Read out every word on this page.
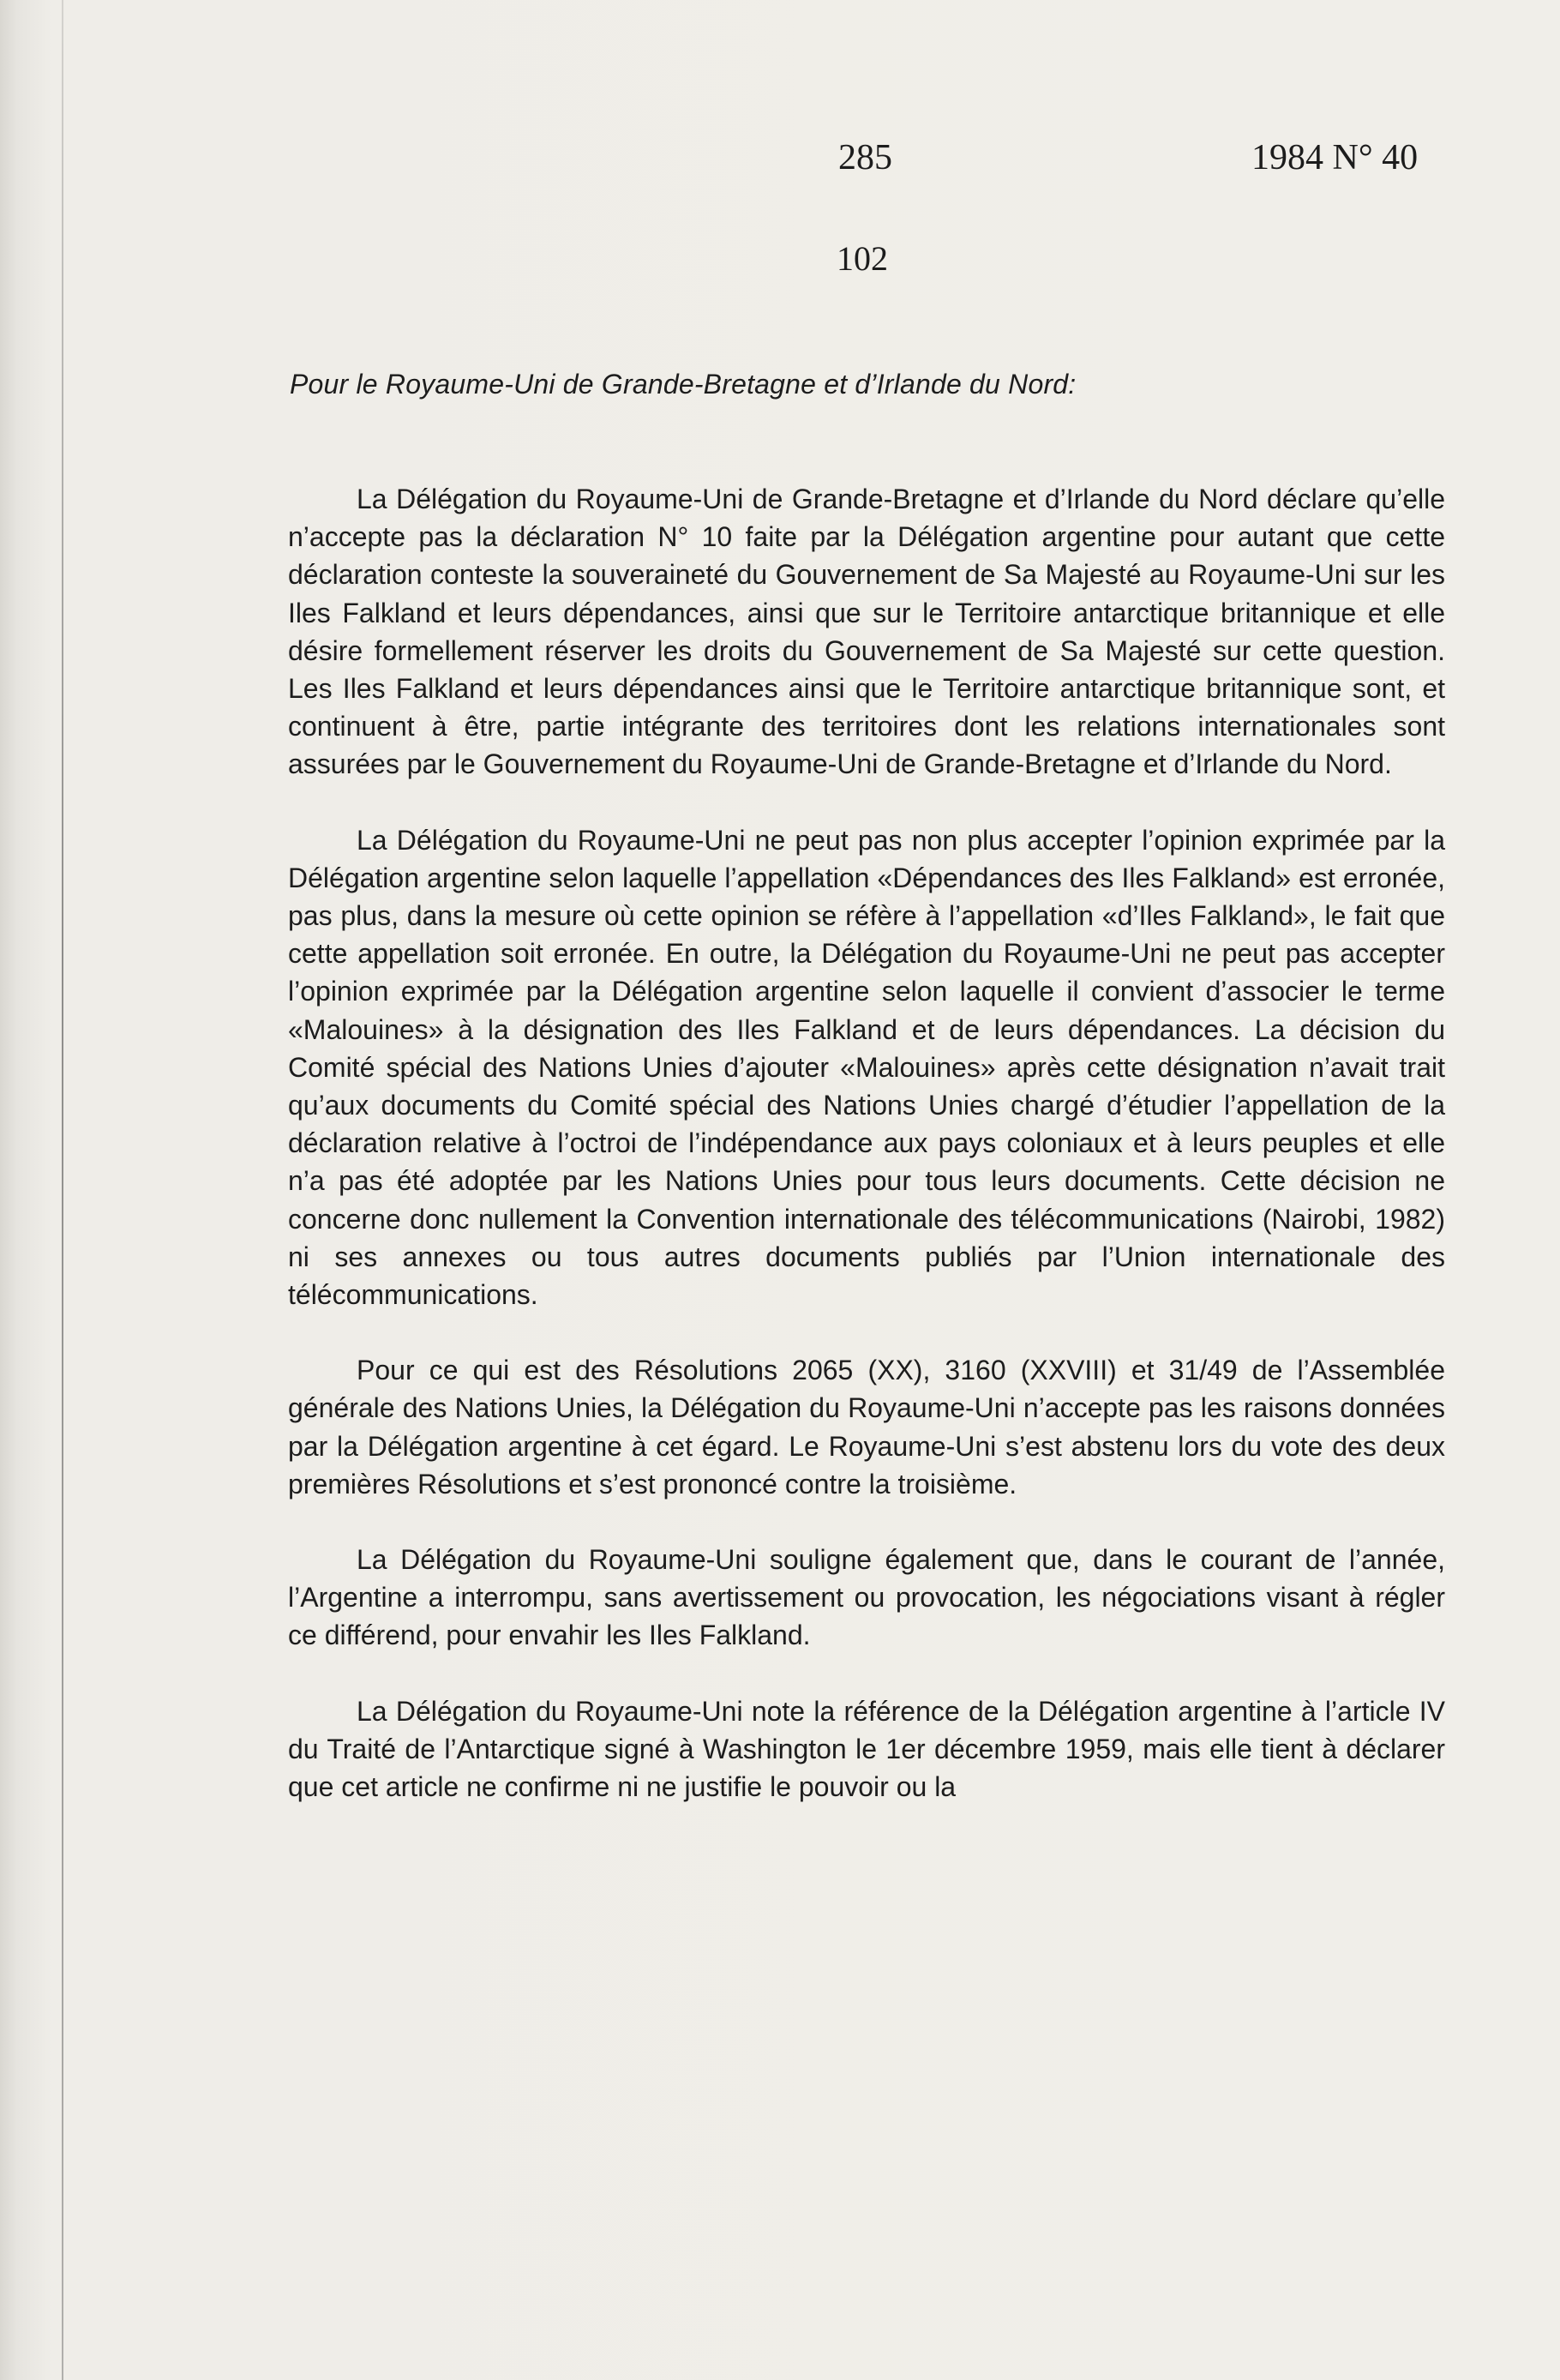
285	1984 N° 40
102
Pour le Royaume-Uni de Grande-Bretagne et d’Irlande du Nord:

La Délégation du Royaume-Uni de Grande-Bretagne et d’Irlande du Nord déclare qu’elle n’accepte pas la déclaration N° 10 faite par la Délégation argentine pour autant que cette déclaration conteste la souveraineté du Gouvernement de Sa Majesté au Royaume-Uni sur les Iles Falkland et leurs dépendances, ainsi que sur le Territoire antarctique britannique et elle désire formellement réserver les droits du Gouvernement de Sa Majesté sur cette question. Les Iles Falkland et leurs dépendances ainsi que le Territoire antarctique britannique sont, et continuent à être, partie intégrante des territoires dont les relations internationales sont assurées par le Gouvernement du Royaume-Uni de Grande-Bretagne et d’Irlande du Nord.

La Délégation du Royaume-Uni ne peut pas non plus accepter l’opinion exprimée par la Délégation argentine selon laquelle l’appellation «Dépendances des Iles Falkland» est erronée, pas plus, dans la mesure où cette opinion se réfère à l’appellation «d’Iles Falkland», le fait que cette appellation soit erronée. En outre, la Délégation du Royaume-Uni ne peut pas accepter l’opinion exprimée par la Délégation argentine selon laquelle il convient d’associer le terme «Malouines» à la désignation des Iles Falkland et de leurs dépendances. La décision du Comité spécial des Nations Unies d’ajouter «Malouines» après cette désignation n’avait trait qu’aux documents du Comité spécial des Nations Unies chargé d’étudier l’appellation de la déclaration relative à l’octroi de l’indépendance aux pays coloniaux et à leurs peuples et elle n’a pas été adoptée par les Nations Unies pour tous leurs documents. Cette décision ne concerne donc nullement la Convention internationale des télécommunications (Nairobi, 1982) ni ses annexes ou tous autres documents publiés par l’Union internationale des télécommunications.

Pour ce qui est des Résolutions 2065 (XX), 3160 (XXVIII) et 31/49 de l’Assemblée générale des Nations Unies, la Délégation du Royaume-Uni n’accepte pas les raisons données par la Délégation argentine à cet égard. Le Royaume-Uni s’est abstenu lors du vote des deux premières Résolutions et s’est prononcé contre la troisième.

La Délégation du Royaume-Uni souligne également que, dans le courant de l’année, l’Argentine a interrompu, sans avertissement ou provocation, les négociations visant à régler ce différend, pour envahir les Iles Falkland.

La Délégation du Royaume-Uni note la référence de la Délégation argentine à l’article IV du Traité de l’Antarctique signé à Washington le 1er décembre 1959, mais elle tient à déclarer que cet article ne confirme ni ne justifie le pouvoir ou la
